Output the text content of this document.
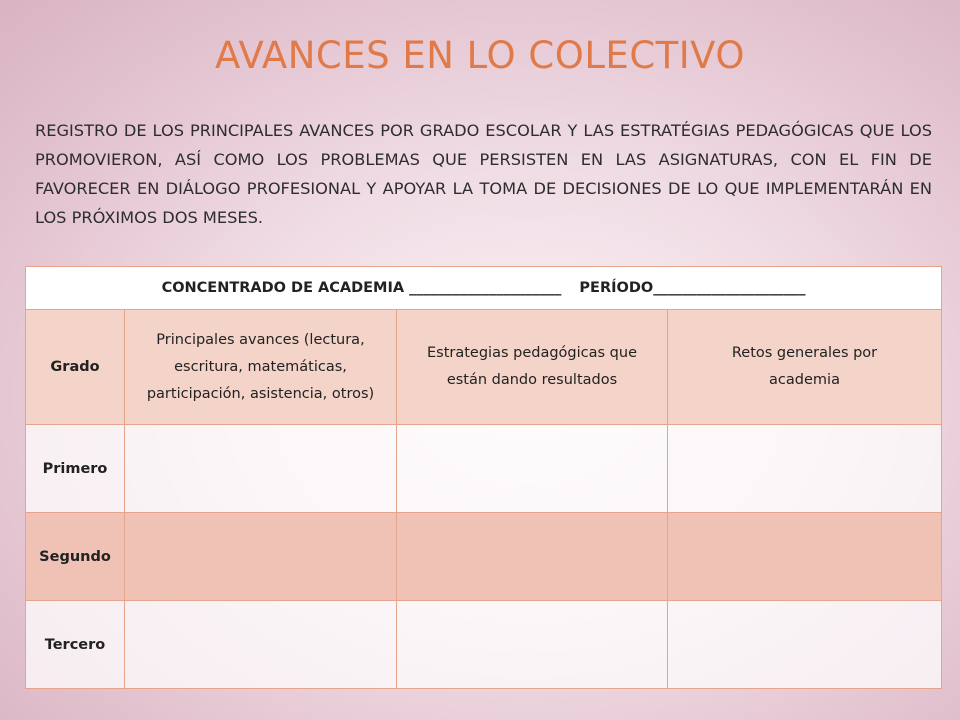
AVANCES EN LO COLECTIVO
REGISTRO DE LOS PRINCIPALES AVANCES POR GRADO ESCOLAR Y LAS ESTRATÉGIAS PEDAGÓGICAS QUE LOS PROMOVIERON, ASÍ COMO LOS PROBLEMAS QUE PERSISTEN EN LAS ASIGNATURAS, CON EL FIN DE FAVORECER EN DIÁLOGO PROFESIONAL Y APOYAR LA TOMA DE DECISIONES DE LO QUE IMPLEMENTARÁN EN LOS PRÓXIMOS DOS MESES.
CONCENTRADO DE ACADEMIA _____________________ PERÍODO_____________________			
Grado	Principales avances (lectura, escritura, matemáticas, participación, asistencia, otros)	Estrategias pedagógicas que están dando resultados	Retos generales por academia
Primero			
Segundo			
Tercero			
